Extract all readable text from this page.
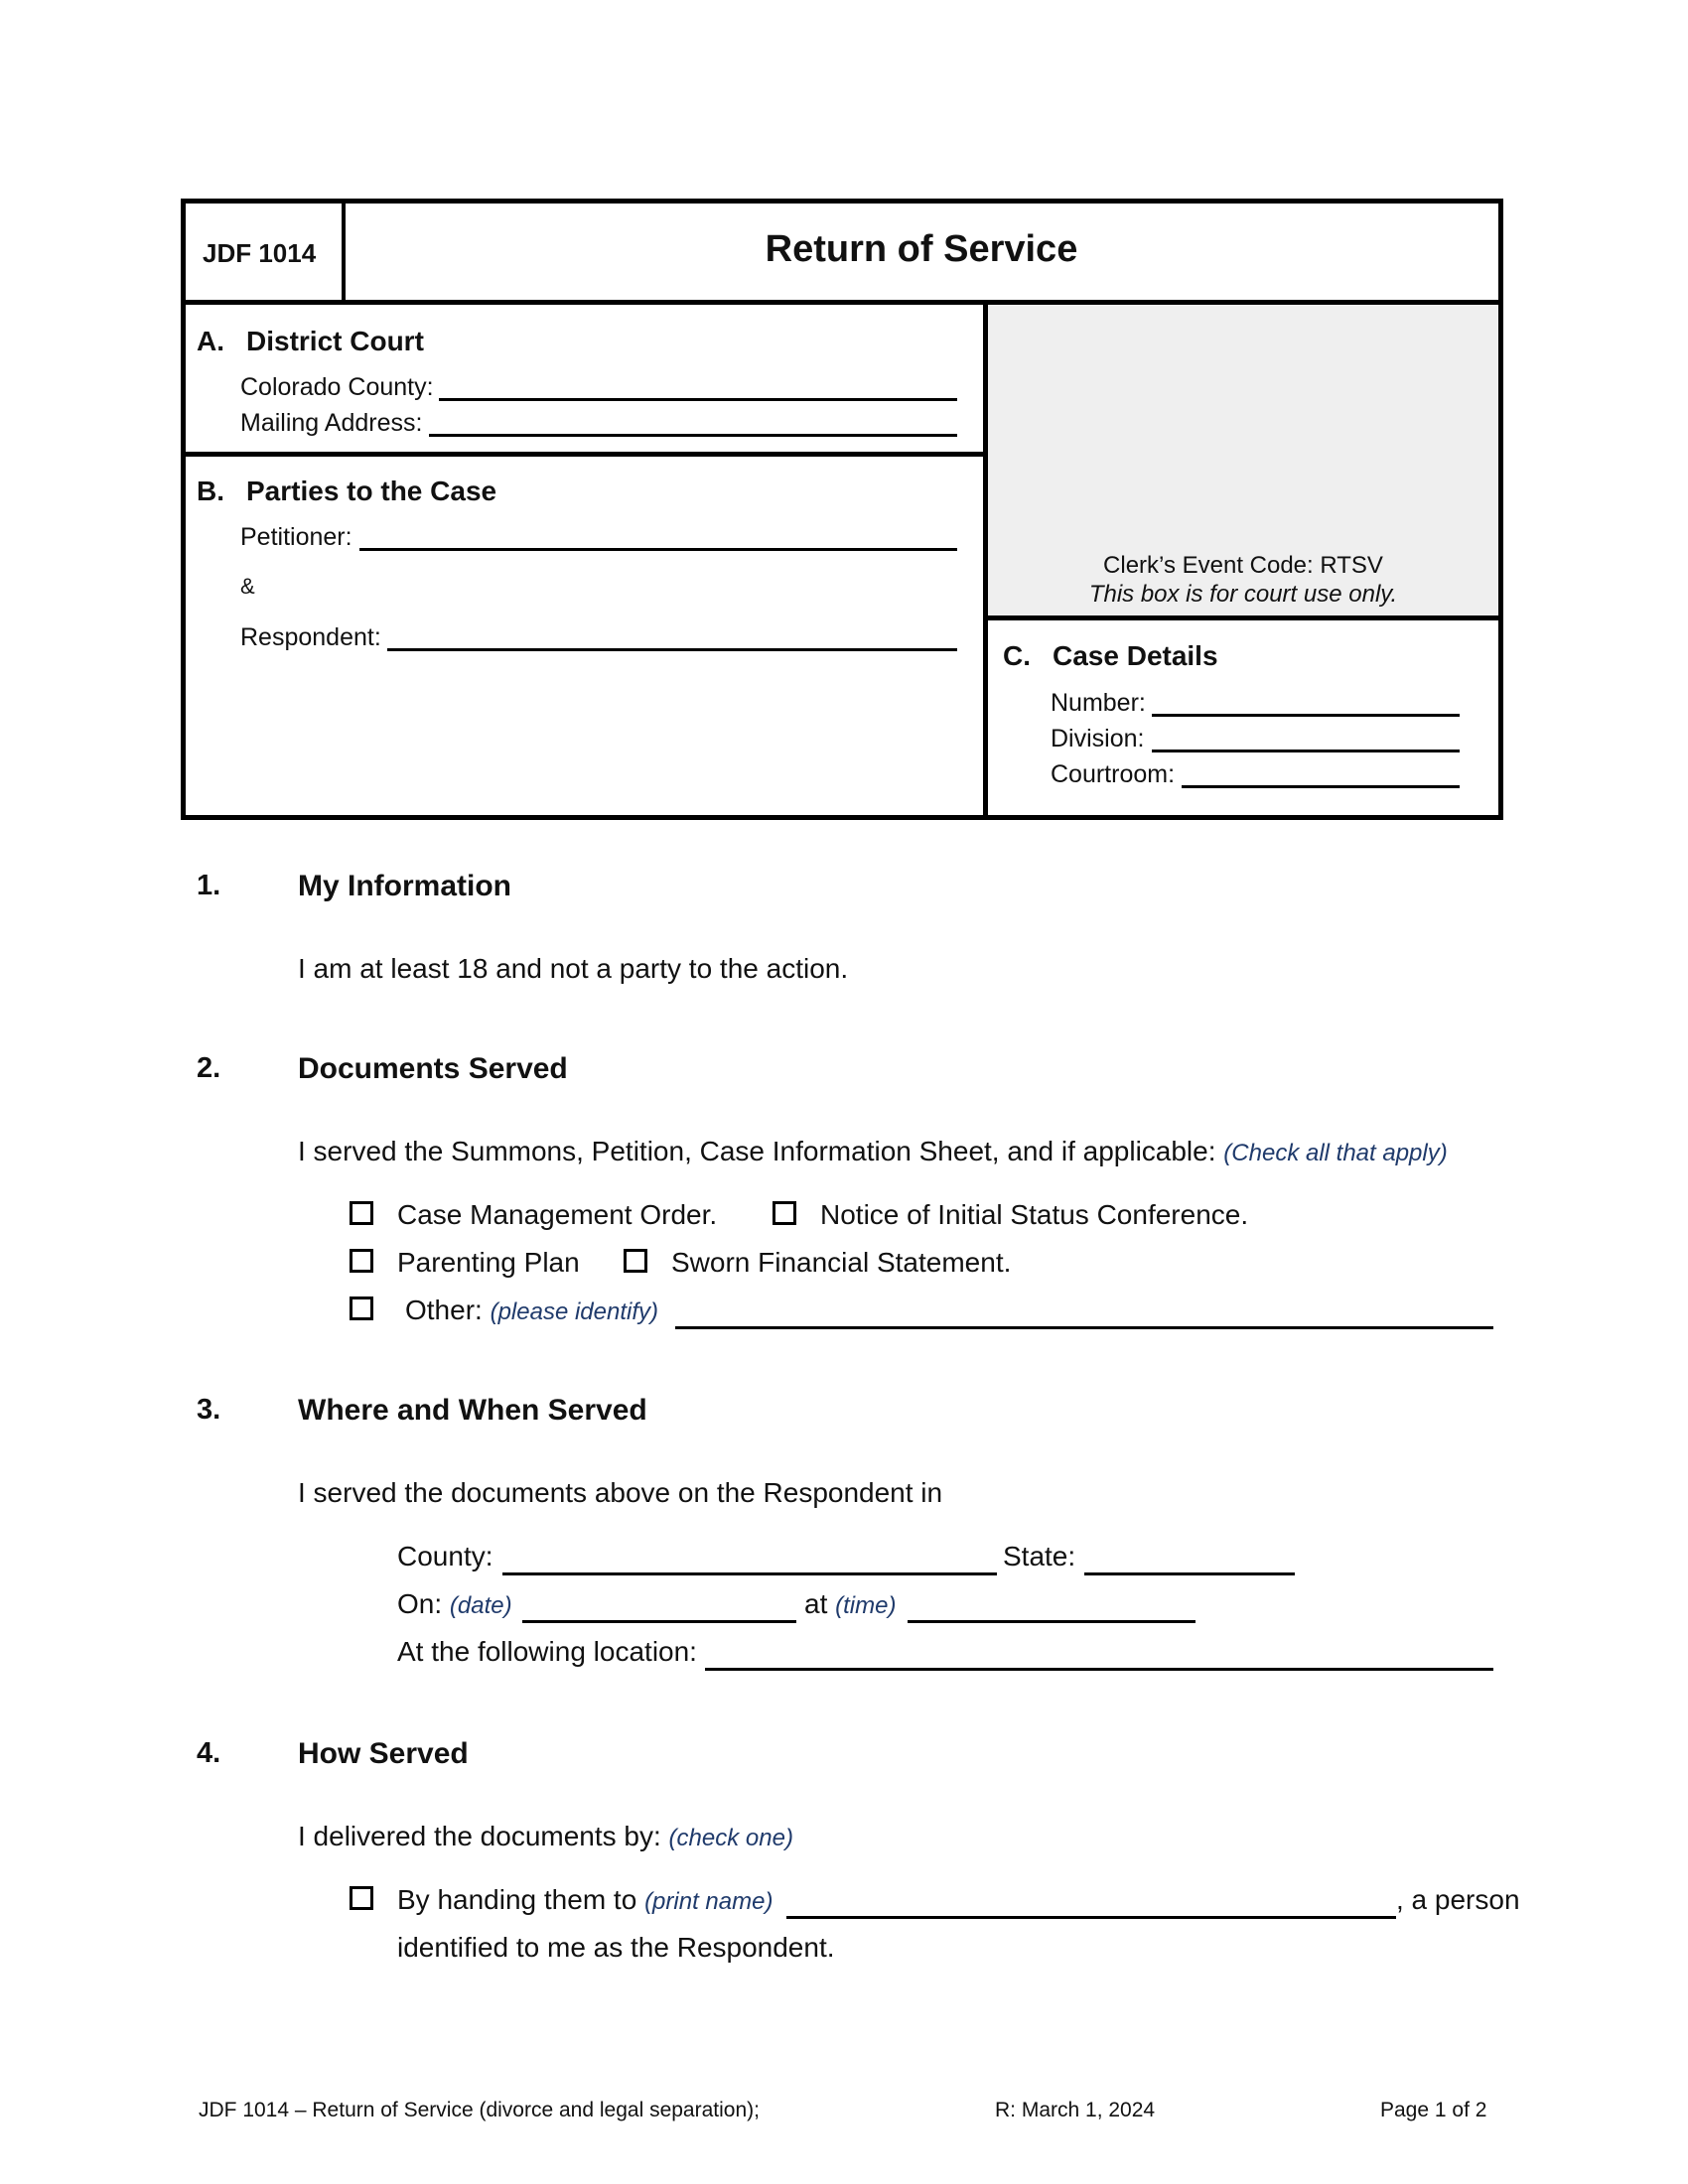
JDF 1014	Return of Service
A. District Court
Colorado County:
Mailing Address:
B. Parties to the Case
Petitioner:
&
Respondent:
Clerk’s Event Code: RTSV
This box is for court use only.
C. Case Details
Number:
Division:
Courtroom:
1.	My Information
I am at least 18 and not a party to the action.
2.	Documents Served
I served the Summons, Petition, Case Information Sheet, and if applicable: (Check all that apply)
Case Management Order.	Notice of Initial Status Conference.
Parenting Plan	Sworn Financial Statement.
Other: (please identify)
3.	Where and When Served
I served the documents above on the Respondent in
County:	State:
On: (date)	at (time)
At the following location:
4.	How Served
I delivered the documents by: (check one)
By handing them to (print name)	, a person
identified to me as the Respondent.
JDF 1014 – Return of Service (divorce and legal separation);	R: March 1, 2024	Page 1 of 2
